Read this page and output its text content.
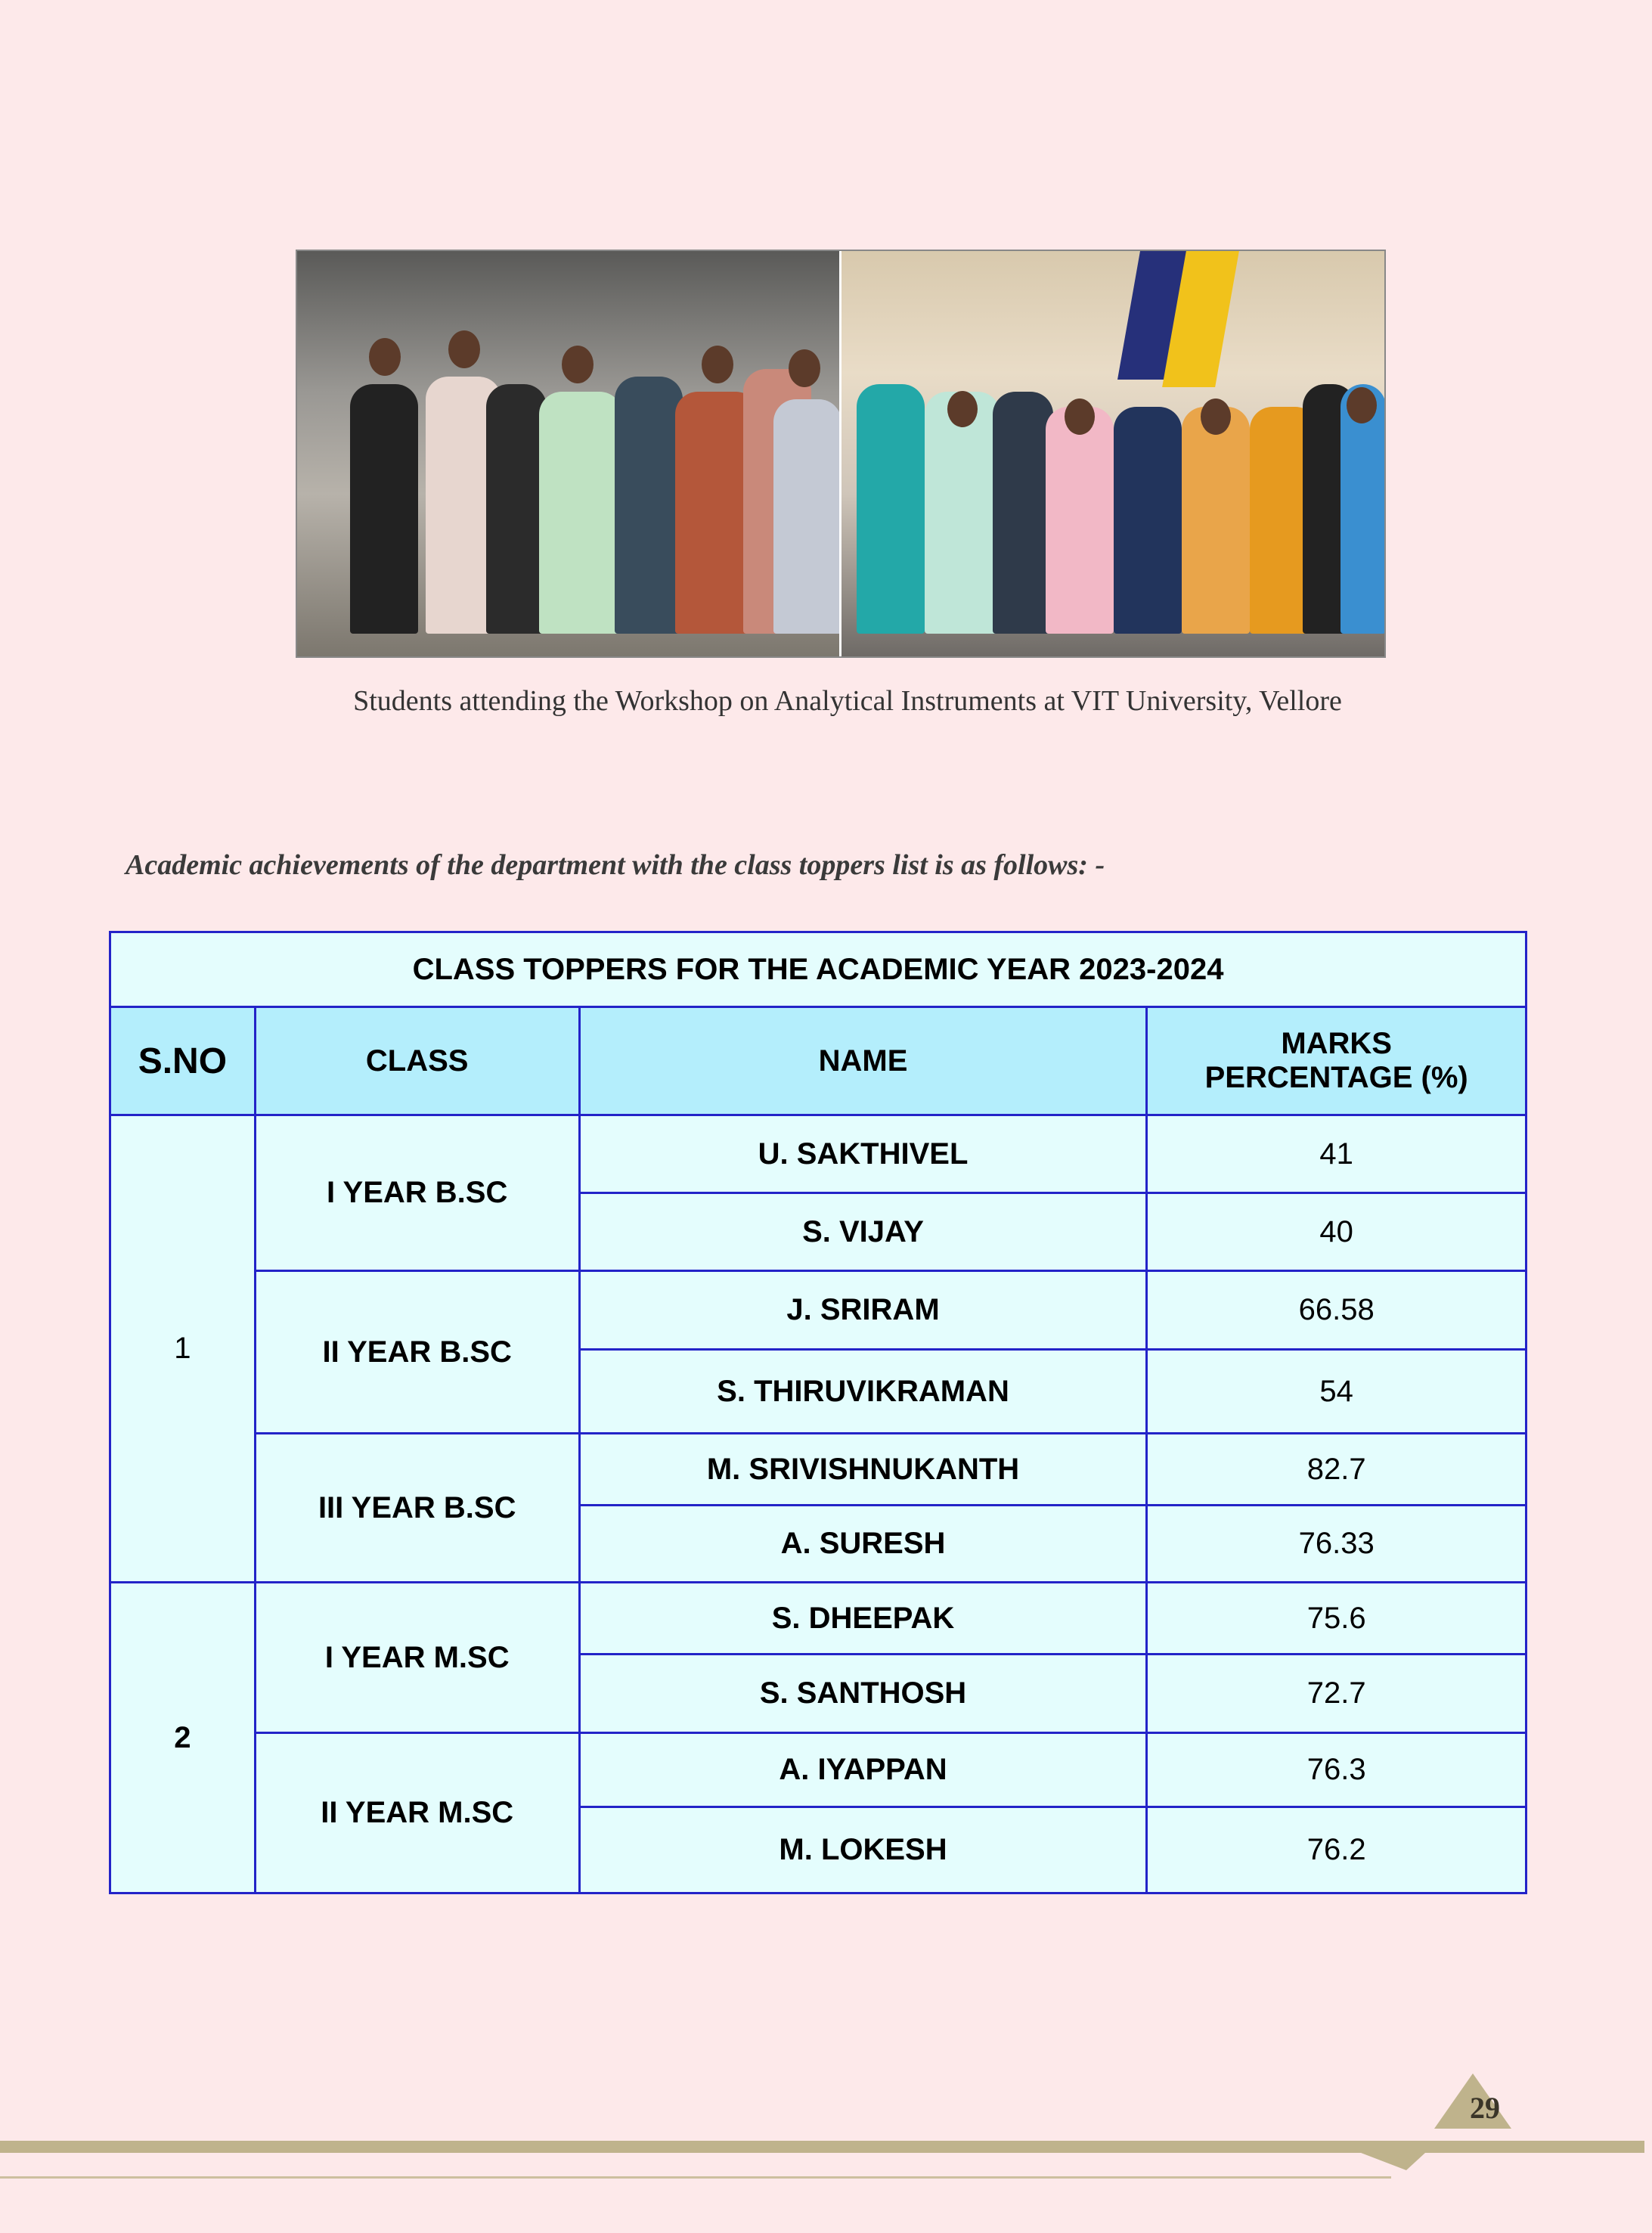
Students attending the Workshop on Analytical Instruments at VIT University, Vellore
Academic achievements of the department with the class toppers list is as follows: -
CLASS TOPPERS FOR THE ACADEMIC YEAR 2023-2024			
S.NO	CLASS	NAME	MARKS PERCENTAGE (%)
1	I YEAR B.SC	U. SAKTHIVEL	41
		S. VIJAY	40
	II YEAR B.SC	J. SRIRAM	66.58
		S. THIRUVIKRAMAN	54
	III YEAR B.SC	M. SRIVISHNUKANTH	82.7
		A. SURESH	76.33
2	I YEAR M.SC	S. DHEEPAK	75.6
		S. SANTHOSH	72.7
	II YEAR M.SC	A. IYAPPAN	76.3
		M. LOKESH	76.2
29
